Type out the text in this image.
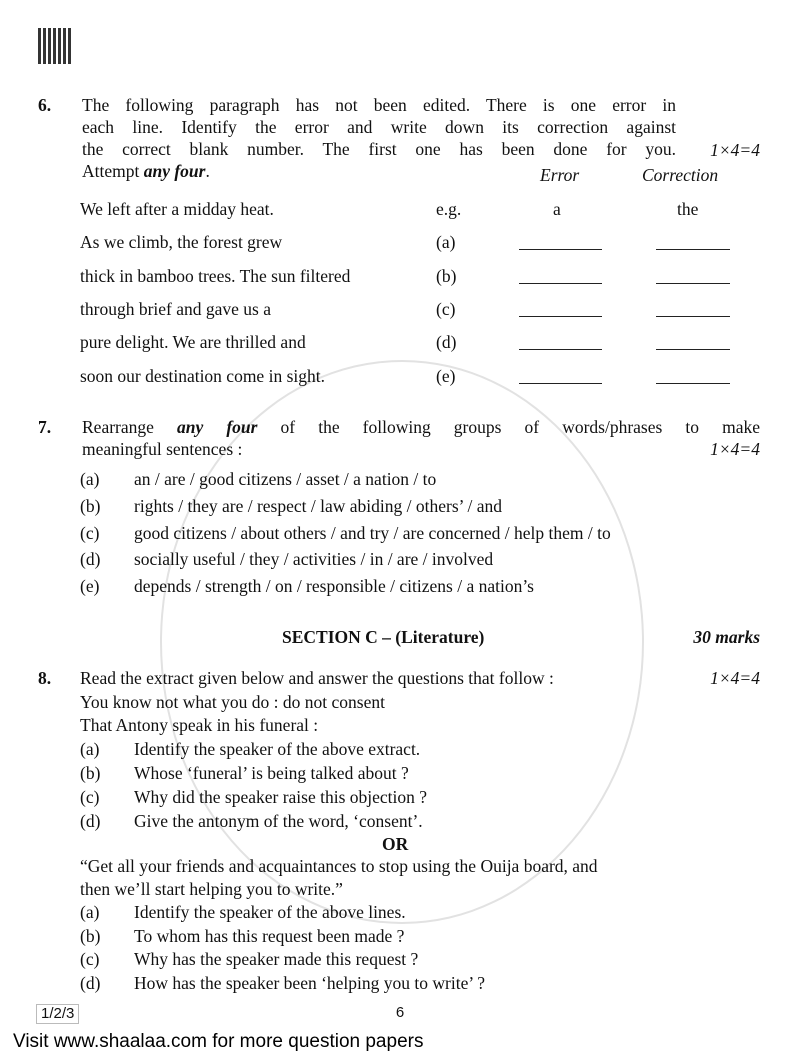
6. The following paragraph has not been edited. There is one error in
each line. Identify the error and write down its correction against
the correct blank number. The first one has been done for you.
Attempt any four.
1×4=4
Error	Correction
We left after a midday heat.	e.g.	a	the
As we climb, the forest grew	(a)
thick in bamboo trees. The sun filtered	(b)
through brief and gave us a	(c)
pure delight. We are thrilled and	(d)
soon our destination come in sight.	(e)
7. Rearrange any four of the following groups of words/phrases to make
meaningful sentences :	1×4=4
(a) an / are / good citizens / asset / a nation / to
(b) rights / they are / respect / law abiding / others’ / and
(c) good citizens / about others / and try / are concerned / help them / to
(d) socially useful / they / activities / in / are / involved
(e) depends / strength / on / responsible / citizens / a nation’s
SECTION C – (Literature)	30 marks
8. Read the extract given below and answer the questions that follow :	1×4=4
You know not what you do : do not consent
That Antony speak in his funeral :
(a) Identify the speaker of the above extract.
(b) Whose ‘funeral’ is being talked about ?
(c) Why did the speaker raise this objection ?
(d) Give the antonym of the word, ‘consent’.
OR
“Get all your friends and acquaintances to stop using the Ouija board, and
then we’ll start helping you to write.”
(a) Identify the speaker of the above lines.
(b) To whom has this request been made ?
(c) Why has the speaker made this request ?
(d) How has the speaker been ‘helping you to write’ ?
1/2/3	6
Visit www.shaalaa.com for more question papers
